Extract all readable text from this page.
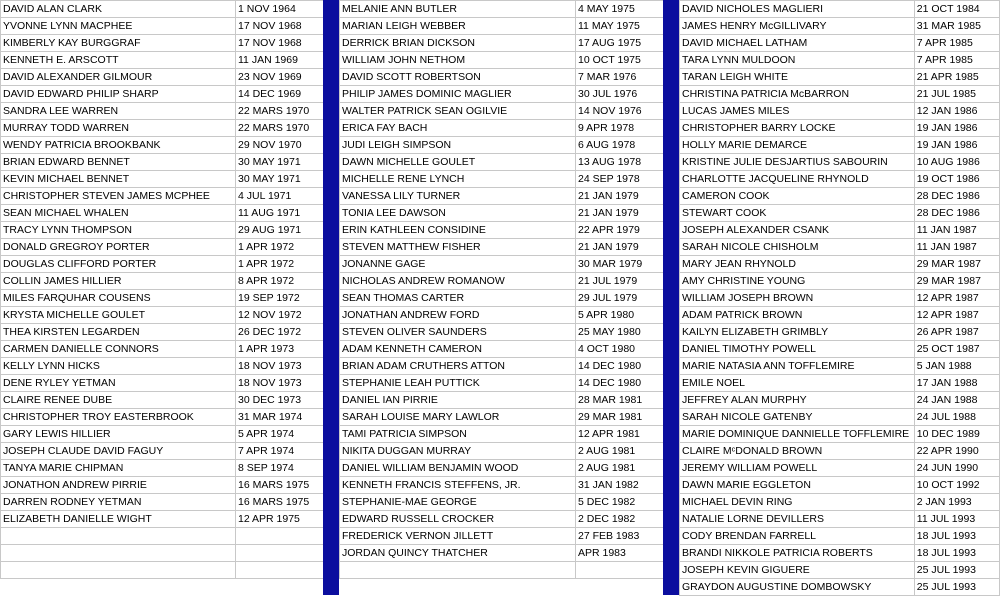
DAVID ALAN CLARK	1 NOV 1964
YVONNE LYNN MACPHEE	17 NOV 1968
KIMBERLY KAY BURGGRAF	17 NOV 1968
KENNETH E. ARSCOTT	11 JAN 1969
DAVID ALEXANDER GILMOUR	23 NOV 1969
DAVID EDWARD PHILIP SHARP	14 DEC 1969
SANDRA LEE WARREN	22 MARS 1970
MURRAY TODD WARREN	22 MARS 1970
WENDY PATRICIA BROOKBANK	29 NOV 1970
BRIAN EDWARD BENNET	30 MAY 1971
KEVIN MICHAEL BENNET	30 MAY 1971
CHRISTOPHER STEVEN JAMES MCPHEE	4 JUL 1971
SEAN MICHAEL WHALEN	11 AUG 1971
TRACY LYNN THOMPSON	29 AUG 1971
DONALD GREGROY PORTER	1 APR 1972
DOUGLAS CLIFFORD PORTER	1 APR 1972
COLLIN JAMES HILLIER	8 APR 1972
MILES FARQUHAR COUSENS	19 SEP 1972
KRYSTA MICHELLE GOULET	12 NOV 1972
THEA KIRSTEN LEGARDEN	26 DEC 1972
CARMEN DANIELLE CONNORS	1 APR 1973
KELLY LYNN HICKS	18 NOV 1973
DENE RYLEY YETMAN	18 NOV 1973
CLAIRE RENEE DUBE	30 DEC 1973
CHRISTOPHER TROY EASTERBROOK	31 MAR 1974
GARY LEWIS HILLIER	5 APR 1974
JOSEPH CLAUDE DAVID FAGUY	7 APR 1974
TANYA MARIE CHIPMAN	8 SEP 1974
JONATHON ANDREW PIRRIE	16 MARS 1975
DARREN RODNEY YETMAN	16 MARS 1975
ELIZABETH DANIELLE WIGHT	12 APR 1975

MELANIE ANN BUTLER	4 MAY 1975
MARIAN LEIGH WEBBER	11 MAY 1975
DERRICK BRIAN DICKSON	17 AUG 1975
WILLIAM JOHN NETHOM	10 OCT 1975
DAVID SCOTT ROBERTSON	7 MAR 1976
PHILIP JAMES DOMINIC MAGLIER	30 JUL 1976
WALTER PATRICK SEAN OGILVIE	14 NOV 1976
ERICA FAY BACH	9 APR 1978
JUDI LEIGH SIMPSON	6 AUG 1978
DAWN MICHELLE GOULET	13 AUG 1978
MICHELLE RENE LYNCH	24 SEP 1978
VANESSA LILY TURNER	21 JAN 1979
TONIA LEE DAWSON	21 JAN 1979
ERIN KATHLEEN CONSIDINE	22 APR 1979
STEVEN MATTHEW FISHER	21 JAN 1979
JONANNE GAGE	30 MAR 1979
NICHOLAS ANDREW ROMANOW	21 JUL 1979
SEAN THOMAS CARTER	29 JUL 1979
JONATHAN ANDREW FORD	5 APR 1980
STEVEN OLIVER SAUNDERS	25 MAY 1980
ADAM KENNETH CAMERON	4 OCT 1980
BRIAN ADAM CRUTHERS ATTON	14 DEC 1980
STEPHANIE LEAH PUTTICK	14 DEC 1980
DANIEL IAN PIRRIE	28 MAR 1981
SARAH LOUISE MARY LAWLOR	29 MAR 1981
TAMI PATRICIA SIMPSON	12 APR 1981
NIKITA DUGGAN MURRAY	2 AUG 1981
DANIEL WILLIAM BENJAMIN WOOD	2 AUG 1981
KENNETH FRANCIS STEFFENS, JR.	31 JAN 1982
STEPHANIE-MAE GEORGE	5 DEC 1982
EDWARD RUSSELL CROCKER	2 DEC 1982
FREDERICK VERNON JILLETT	27 FEB 1983
JORDAN QUINCY THATCHER	APR 1983

DAVID NICHOLES MAGLIERI	21 OCT 1984
JAMES HENRY McGILLIVARY	31 MAR 1985
DAVID MICHAEL LATHAM	7 APR 1985
TARA LYNN MULDOON	7 APR 1985
TARAN LEIGH WHITE	21 APR 1985
CHRISTINA PATRICIA McBARRON	21 JUL 1985
LUCAS JAMES MILES	12 JAN 1986
CHRISTOPHER BARRY LOCKE	19 JAN 1986
HOLLY MARIE DEMARCE	19 JAN 1986
KRISTINE JULIE DESJARTIUS SABOURIN	10 AUG 1986
CHARLOTTE JACQUELINE RHYNOLD	19 OCT 1986
CAMERON COOK	28 DEC 1986
STEWART COOK	28 DEC 1986
JOSEPH ALEXANDER CSANK	11 JAN 1987
SARAH NICOLE CHISHOLM	11 JAN 1987
MARY JEAN RHYNOLD	29 MAR 1987
AMY CHRISTINE YOUNG	29 MAR 1987
WILLIAM JOSEPH BROWN	12 APR 1987
ADAM PATRICK BROWN	12 APR 1987
KAILYN ELIZABETH GRIMBLY	26 APR 1987
DANIEL TIMOTHY POWELL	25 OCT 1987
MARIE NATASIA ANN TOFFLEMIRE	5 JAN 1988
EMILE NOEL	17 JAN 1988
JEFFREY ALAN MURPHY	24 JAN 1988
SARAH NICOLE GATENBY	24 JUL 1988
MARIE DOMINIQUE DANNIELLE TOFFLEMIRE	10 DEC 1989
CLAIRE MᶜDONALD BROWN	22 APR 1990
JEREMY WILLIAM POWELL	24 JUN 1990
DAWN MARIE EGGLETON	10 OCT 1992
MICHAEL DEVIN RING	2 JAN 1993
NATALIE LORNE DEVILLERS	11 JUL 1993
CODY BRENDAN FARRELL	18 JUL 1993
BRANDI NIKKOLE PATRICIA ROBERTS	18 JUL 1993
JOSEPH KEVIN GIGUERE	25 JUL 1993
GRAYDON AUGUSTINE DOMBOWSKY	25 JUL 1993
